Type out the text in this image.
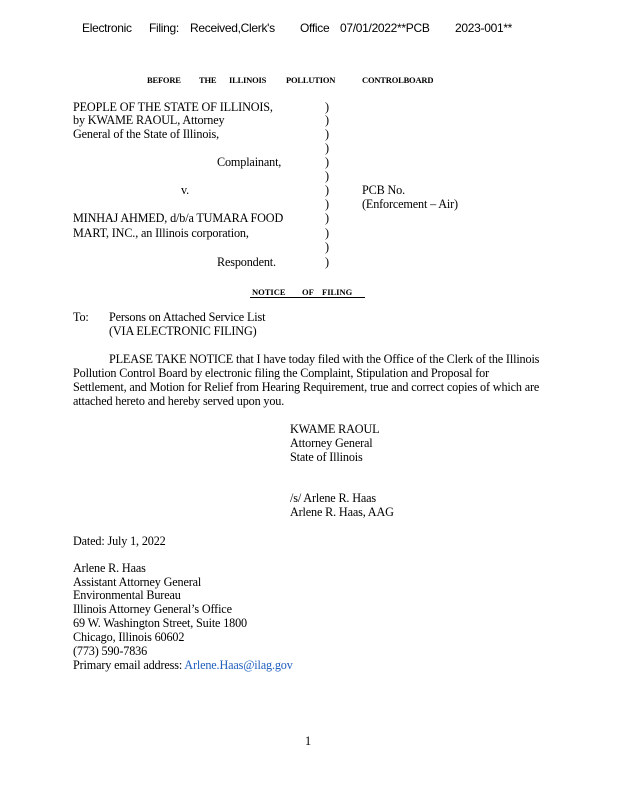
Electronic Filing: Received,Clerk's Office 07/01/2022**PCB 2023-001**
BEFORE THE ILLINOIS POLLUTION	CONTROLBOARD
PEOPLE OF THE STATE OF ILLINOIS,
by KWAME RAOUL, Attorney
General of the State of Illinois,
Complainant,
v.	PCB No.
(Enforcement – Air)
MINHAJ AHMED, d/b/a TUMARA FOOD
MART, INC., an Illinois corporation,
Respondent.
)
)
)
)
)
)
)
)
)
)
)
)
NOTICE OF FILING
To: Persons on Attached Service List
(VIA ELECTRONIC FILING)
PLEASE TAKE NOTICE that I have today filed with the Office of the Clerk of the Illinois
Pollution Control Board by electronic filing the Complaint, Stipulation and Proposal for
Settlement, and Motion for Relief from Hearing Requirement, true and correct copies of which are
attached hereto and hereby served upon you.
KWAME RAOUL
Attorney General
State of Illinois
/s/ Arlene R. Haas
Arlene R. Haas, AAG
Dated: July 1, 2022
Arlene R. Haas
Assistant Attorney General
Environmental Bureau
Illinois Attorney General’s Office
69 W. Washington Street, Suite 1800
Chicago, Illinois 60602
(773) 590-7836
Primary email address: Arlene.Haas@ilag.gov
1
